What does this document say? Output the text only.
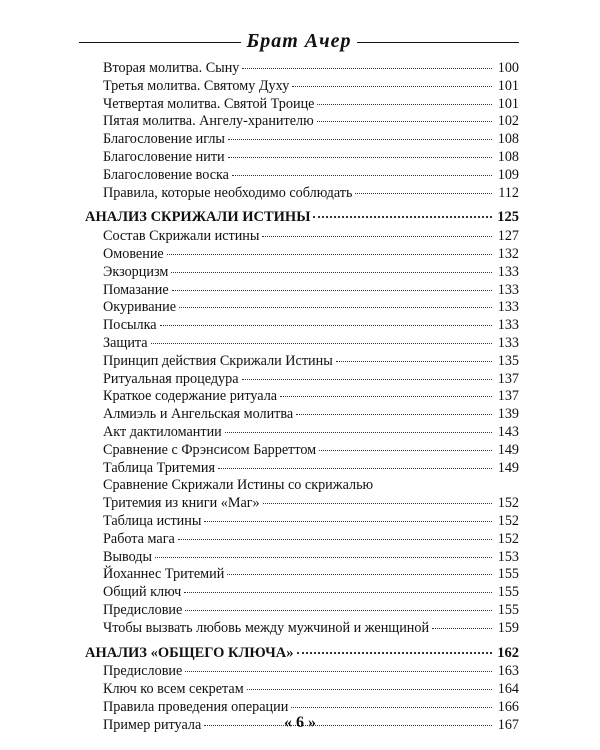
Брат Ачер
Вторая молитва. Сыну	100
Третья молитва. Святому Духу	101
Четвертая молитва. Святой Троице	101
Пятая молитва. Ангелу-хранителю	102
Благословение иглы	108
Благословение нити	108
Благословение воска	109
Правила, которые необходимо соблюдать	112
АНАЛИЗ СКРИЖАЛИ ИСТИНЫ	125
Состав Скрижали истины	127
Омовение	132
Экзорцизм	133
Помазание	133
Окуривание	133
Посылка	133
Защита	133
Принцип действия Скрижали Истины	135
Ритуальная процедура	137
Краткое содержание ритуала	137
Алмиэль и Ангельская молитва	139
Акт дактиломантии	143
Сравнение с Фрэнсисом Барреттом	149
Таблица Тритемия	149
Сравнение Скрижали Истины со скрижалью
Тритемия из книги «Маг»	152
Таблица истины	152
Работа мага	152
Выводы	153
Йоханнес Тритемий	155
Общий ключ	155
Предисловие	155
Чтобы вызвать любовь между мужчиной и женщиной	159
АНАЛИЗ «ОБЩЕГО КЛЮЧА»	162
Предисловие	163
Ключ ко всем секретам	164
Правила проведения операции	166
Пример ритуала	167
« 6 »
